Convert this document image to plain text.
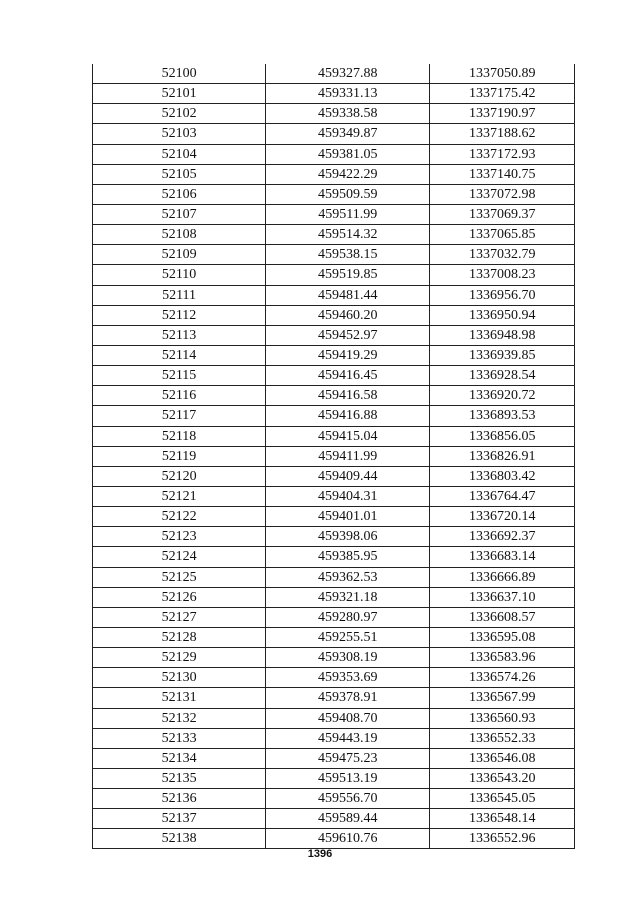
52100	459327.88	1337050.89
52101	459331.13	1337175.42
52102	459338.58	1337190.97
52103	459349.87	1337188.62
52104	459381.05	1337172.93
52105	459422.29	1337140.75
52106	459509.59	1337072.98
52107	459511.99	1337069.37
52108	459514.32	1337065.85
52109	459538.15	1337032.79
52110	459519.85	1337008.23
52111	459481.44	1336956.70
52112	459460.20	1336950.94
52113	459452.97	1336948.98
52114	459419.29	1336939.85
52115	459416.45	1336928.54
52116	459416.58	1336920.72
52117	459416.88	1336893.53
52118	459415.04	1336856.05
52119	459411.99	1336826.91
52120	459409.44	1336803.42
52121	459404.31	1336764.47
52122	459401.01	1336720.14
52123	459398.06	1336692.37
52124	459385.95	1336683.14
52125	459362.53	1336666.89
52126	459321.18	1336637.10
52127	459280.97	1336608.57
52128	459255.51	1336595.08
52129	459308.19	1336583.96
52130	459353.69	1336574.26
52131	459378.91	1336567.99
52132	459408.70	1336560.93
52133	459443.19	1336552.33
52134	459475.23	1336546.08
52135	459513.19	1336543.20
52136	459556.70	1336545.05
52137	459589.44	1336548.14
52138	459610.76	1336552.96
1396
